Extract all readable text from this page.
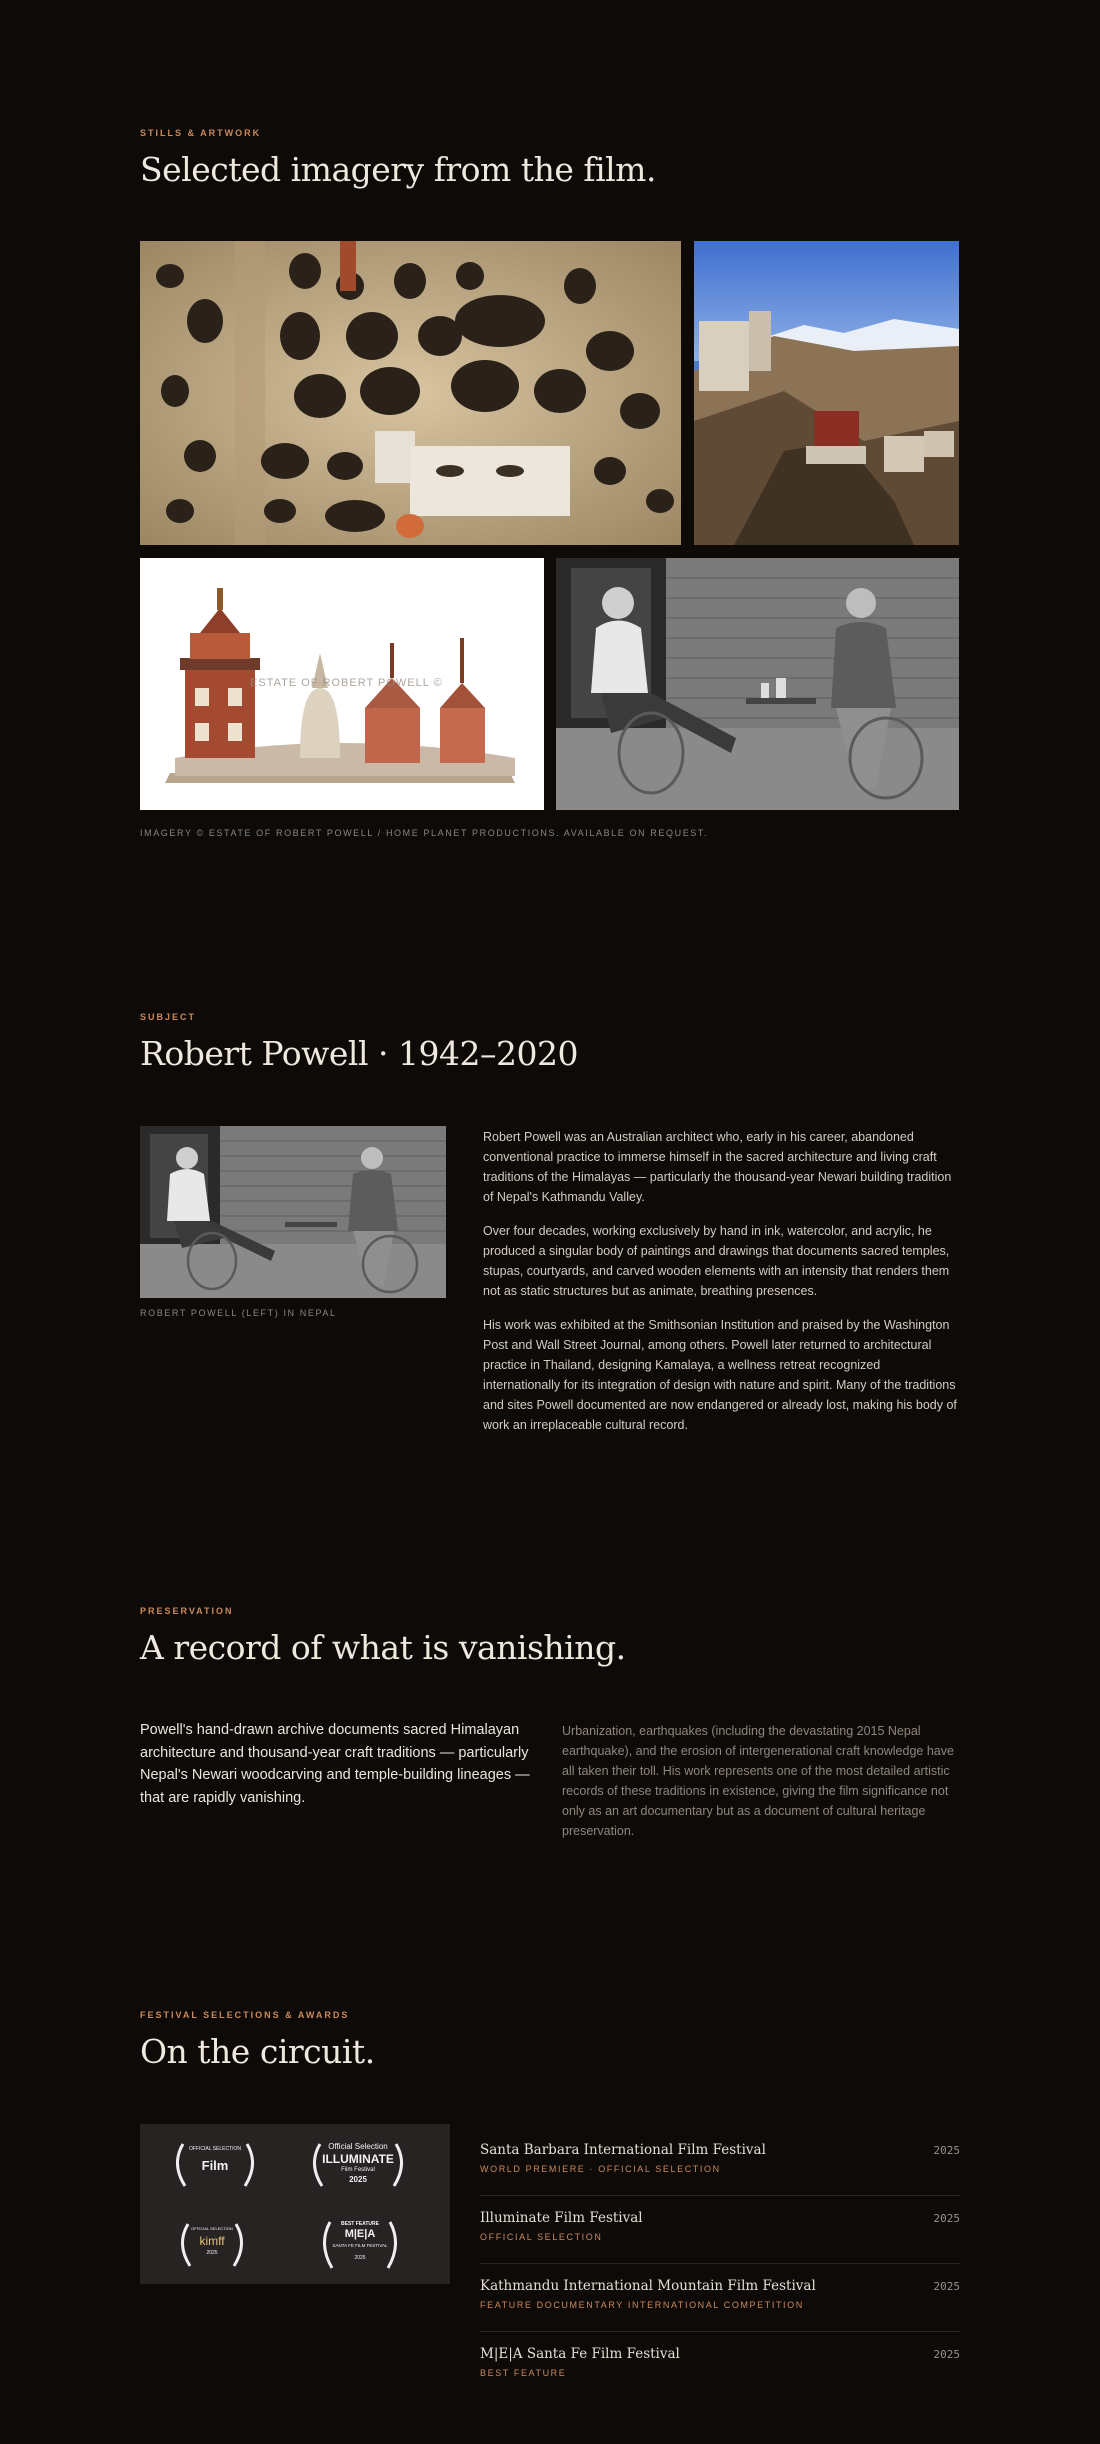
STILLS & ARTWORK
Selected imagery from the film.
ESTATE OF ROBERT POWELL ©
IMAGERY © ESTATE OF ROBERT POWELL / HOME PLANET PRODUCTIONS. AVAILABLE ON REQUEST.
SUBJECT
Robert Powell · 1942–2020
ROBERT POWELL (LEFT) IN NEPAL

Robert Powell was an Australian architect who, early in his career, abandoned conventional practice to immerse himself in the sacred architecture and living craft traditions of the Himalayas — particularly the thousand-year Newari building tradition of Nepal's Kathmandu Valley.

Over four decades, working exclusively by hand in ink, watercolor, and acrylic, he produced a singular body of paintings and drawings that documents sacred temples, stupas, courtyards, and carved wooden elements with an intensity that renders them not as static structures but as animate, breathing presences.

His work was exhibited at the Smithsonian Institution and praised by the Washington Post and Wall Street Journal, among others. Powell later returned to architectural practice in Thailand, designing Kamalaya, a wellness retreat recognized internationally for its integration of design with nature and spirit. Many of the traditions and sites Powell documented are now endangered or already lost, making his body of work an irreplaceable cultural record.

PRESERVATION
A record of what is vanishing.

Powell's hand-drawn archive documents sacred Himalayan architecture and thousand-year craft traditions — particularly Nepal's Newari woodcarving and temple-building lineages — that are rapidly vanishing.

Urbanization, earthquakes (including the devastating 2015 Nepal earthquake), and the erosion of intergenerational craft knowledge have all taken their toll. His work represents one of the most detailed artistic records of these traditions in existence, giving the film significance not only as an art documentary but as a document of cultural heritage preservation.

FESTIVAL SELECTIONS & AWARDS
On the circuit.
OFFICIAL SELECTION
Film
Official Selection
ILLUMINATE
Film Festival
2025
OFFICIAL SELECTION
kimff
2025
BEST FEATURE
M|E|A
SANTA FE FILM FESTIVAL
2025
Santa Barbara International Film Festival
WORLD PREMIERE · OFFICIAL SELECTION
2025
Illuminate Film Festival
OFFICIAL SELECTION
2025
Kathmandu International Mountain Film Festival
FEATURE DOCUMENTARY INTERNATIONAL COMPETITION
2025
M|E|A Santa Fe Film Festival
BEST FEATURE
2025
